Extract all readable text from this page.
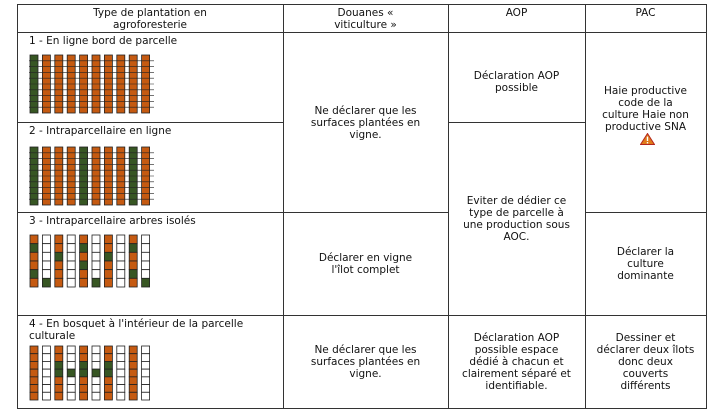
Type de plantation en agroforesterie
Douanes « viticulture »
AOP	PAC
1 - En ligne bord de parcelle
2 - Intraparcellaire en ligne
3 - Intraparcellaire arbres isolés
4 - En bosquet à l'intérieur de la parcelle culturale
Ne déclarer que les surfaces plantées en vigne.
Déclarer en vigne l'îlot complet
Ne déclarer que les surfaces plantées en vigne.
Déclaration AOP possible
Eviter de dédier ce type de parcelle à une production sous AOC.
Déclaration AOP possible espace dédié à chacun et clairement séparé et identifiable.
Haie productive code de la culture Haie non productive SNA
Déclarer la culture dominante
Dessiner et déclarer deux îlots donc deux couverts différents
